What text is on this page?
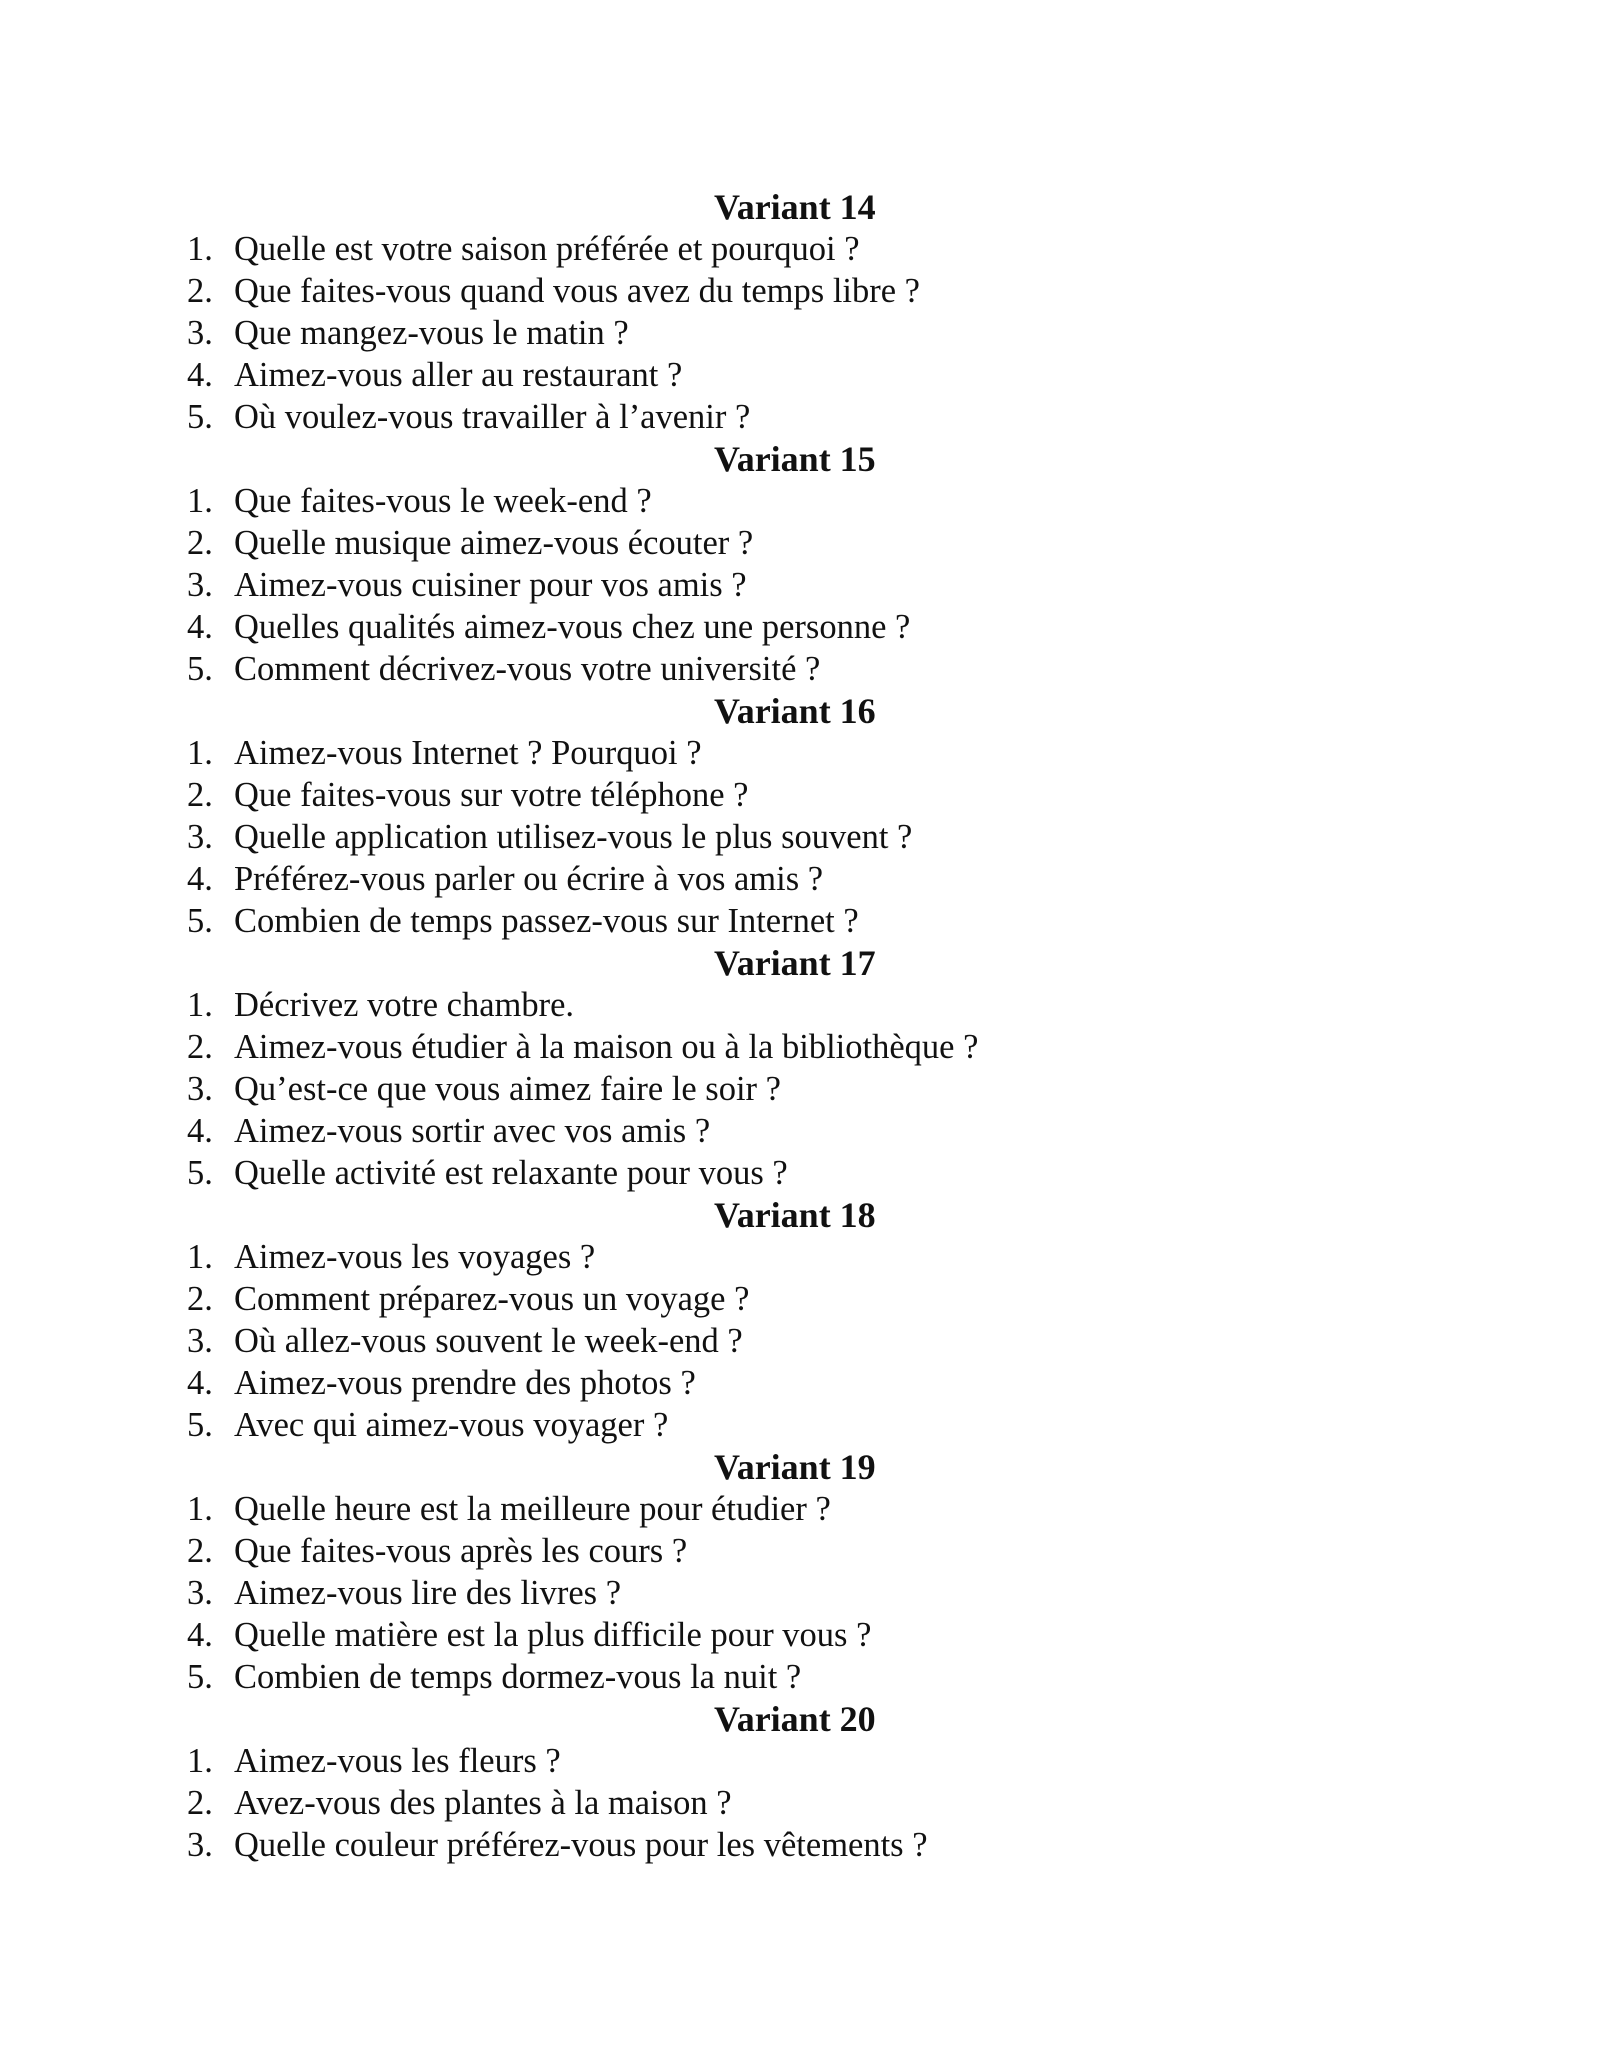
Variant 14
1. Quelle est votre saison préférée et pourquoi ?
2. Que faites-vous quand vous avez du temps libre ?
3. Que mangez-vous le matin ?
4. Aimez-vous aller au restaurant ?
5. Où voulez-vous travailler à l’avenir ?
Variant 15
1. Que faites-vous le week-end ?
2. Quelle musique aimez-vous écouter ?
3. Aimez-vous cuisiner pour vos amis ?
4. Quelles qualités aimez-vous chez une personne ?
5. Comment décrivez-vous votre université ?
Variant 16
1. Aimez-vous Internet ? Pourquoi ?
2. Que faites-vous sur votre téléphone ?
3. Quelle application utilisez-vous le plus souvent ?
4. Préférez-vous parler ou écrire à vos amis ?
5. Combien de temps passez-vous sur Internet ?
Variant 17
1. Décrivez votre chambre.
2. Aimez-vous étudier à la maison ou à la bibliothèque ?
3. Qu’est-ce que vous aimez faire le soir ?
4. Aimez-vous sortir avec vos amis ?
5. Quelle activité est relaxante pour vous ?
Variant 18
1. Aimez-vous les voyages ?
2. Comment préparez-vous un voyage ?
3. Où allez-vous souvent le week-end ?
4. Aimez-vous prendre des photos ?
5. Avec qui aimez-vous voyager ?
Variant 19
1. Quelle heure est la meilleure pour étudier ?
2. Que faites-vous après les cours ?
3. Aimez-vous lire des livres ?
4. Quelle matière est la plus difficile pour vous ?
5. Combien de temps dormez-vous la nuit ?
Variant 20
1. Aimez-vous les fleurs ?
2. Avez-vous des plantes à la maison ?
3. Quelle couleur préférez-vous pour les vêtements ?
